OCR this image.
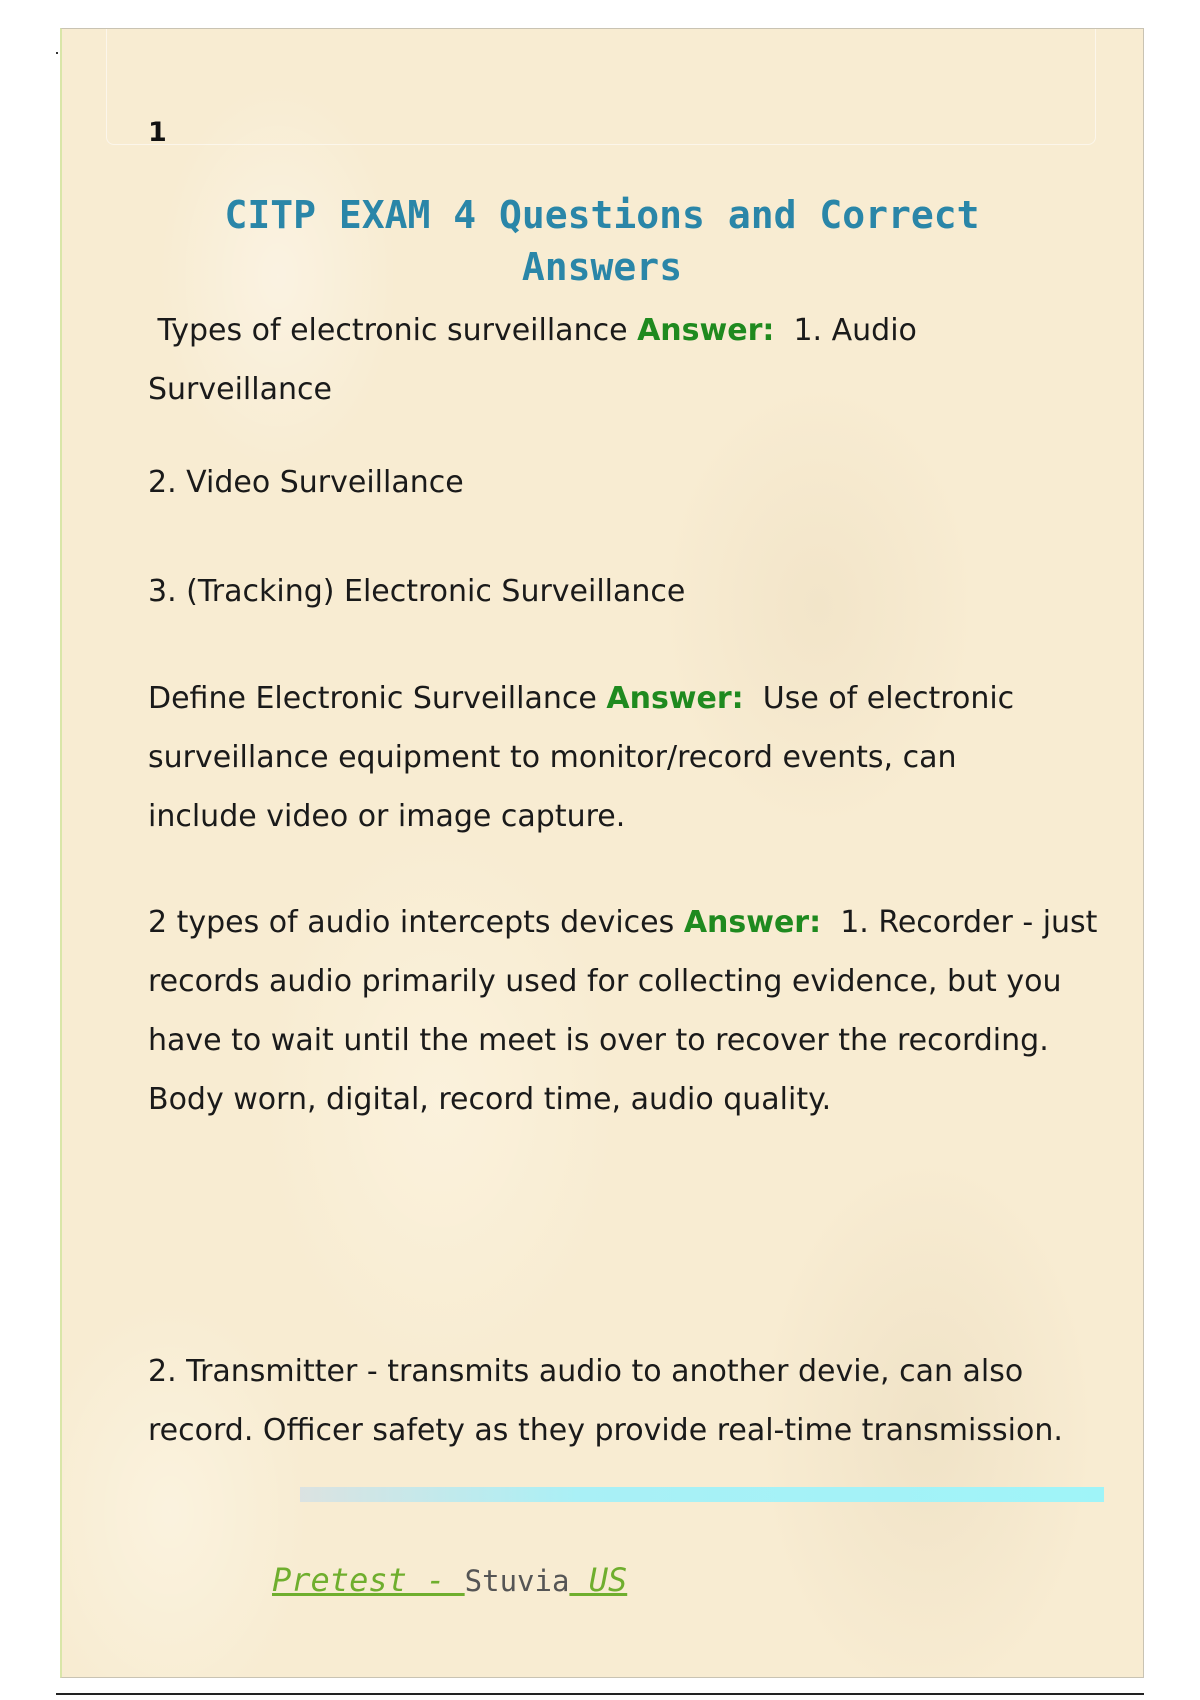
1
CITP EXAM 4 Questions and Correct Answers

Types of electronic surveillance Answer: 1. Audio Surveillance

2. Video Surveillance

3. (Tracking) Electronic Surveillance

Define Electronic Surveillance Answer: Use of electronic surveillance equipment to monitor/record events, can include video or image capture.

2 types of audio intercepts devices Answer: 1. Recorder - just records audio primarily used for collecting evidence, but you have to wait until the meet is over to recover the recording. Body worn, digital, record time, audio quality.

2. Transmitter - transmits audio to another devie, can also record. Officer safety as they provide real-time transmission.

Pretest - Stuvia US
